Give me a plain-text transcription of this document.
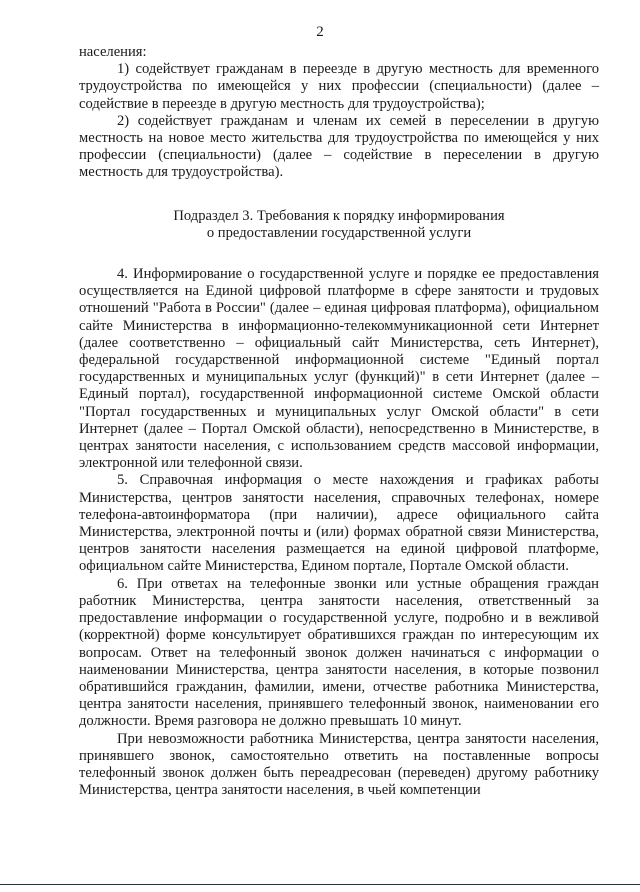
2

населения:

1) содействует гражданам в переезде в другую местность для временного трудоустройства по имеющейся у них профессии (специальности) (далее – содействие в переезде в другую местность для трудоустройства);

2) содействует гражданам и членам их семей в переселении в другую местность на новое место жительства для трудоустройства по имеющейся у них профессии (специальности) (далее – содействие в переселении в другую местность для трудоустройства).

Подраздел 3. Требования к порядку информирования
о предоставлении государственной услуги

4. Информирование о государственной услуге и порядке ее предоставления осуществляется на Единой цифровой платформе в сфере занятости и трудовых отношений "Работа в России" (далее – единая цифровая платформа), официальном сайте Министерства в информационно-телекоммуникационной сети Интернет (далее соответственно – официальный сайт Министерства, сеть Интернет), федеральной государственной информационной системе "Единый портал государственных и муниципальных услуг (функций)" в сети Интернет (далее – Единый портал), государственной информационной системе Омской области "Портал государственных и муниципальных услуг Омской области" в сети Интернет (далее – Портал Омской области), непосредственно в Министерстве, в центрах занятости населения, с использованием средств массовой информации, электронной или телефонной связи.

5. Справочная информация о месте нахождения и графиках работы Министерства, центров занятости населения, справочных телефонах, номере телефона-автоинформатора (при наличии), адресе официального сайта Министерства, электронной почты и (или) формах обратной связи Министерства, центров занятости населения размещается на единой цифровой платформе, официальном сайте Министерства, Едином портале, Портале Омской области.

6. При ответах на телефонные звонки или устные обращения граждан работник Министерства, центра занятости населения, ответственный за предоставление информации о государственной услуге, подробно и в вежливой (корректной) форме консультирует обратившихся граждан по интересующим их вопросам. Ответ на телефонный звонок должен начинаться с информации о наименовании Министерства, центра занятости населения, в которые позвонил обратившийся гражданин, фамилии, имени, отчестве работника Министерства, центра занятости населения, принявшего телефонный звонок, наименовании его должности. Время разговора не должно превышать 10 минут.

При невозможности работника Министерства, центра занятости населения, принявшего звонок, самостоятельно ответить на поставленные вопросы телефонный звонок должен быть переадресован (переведен) другому работнику Министерства, центра занятости населения, в чьей компетенции
